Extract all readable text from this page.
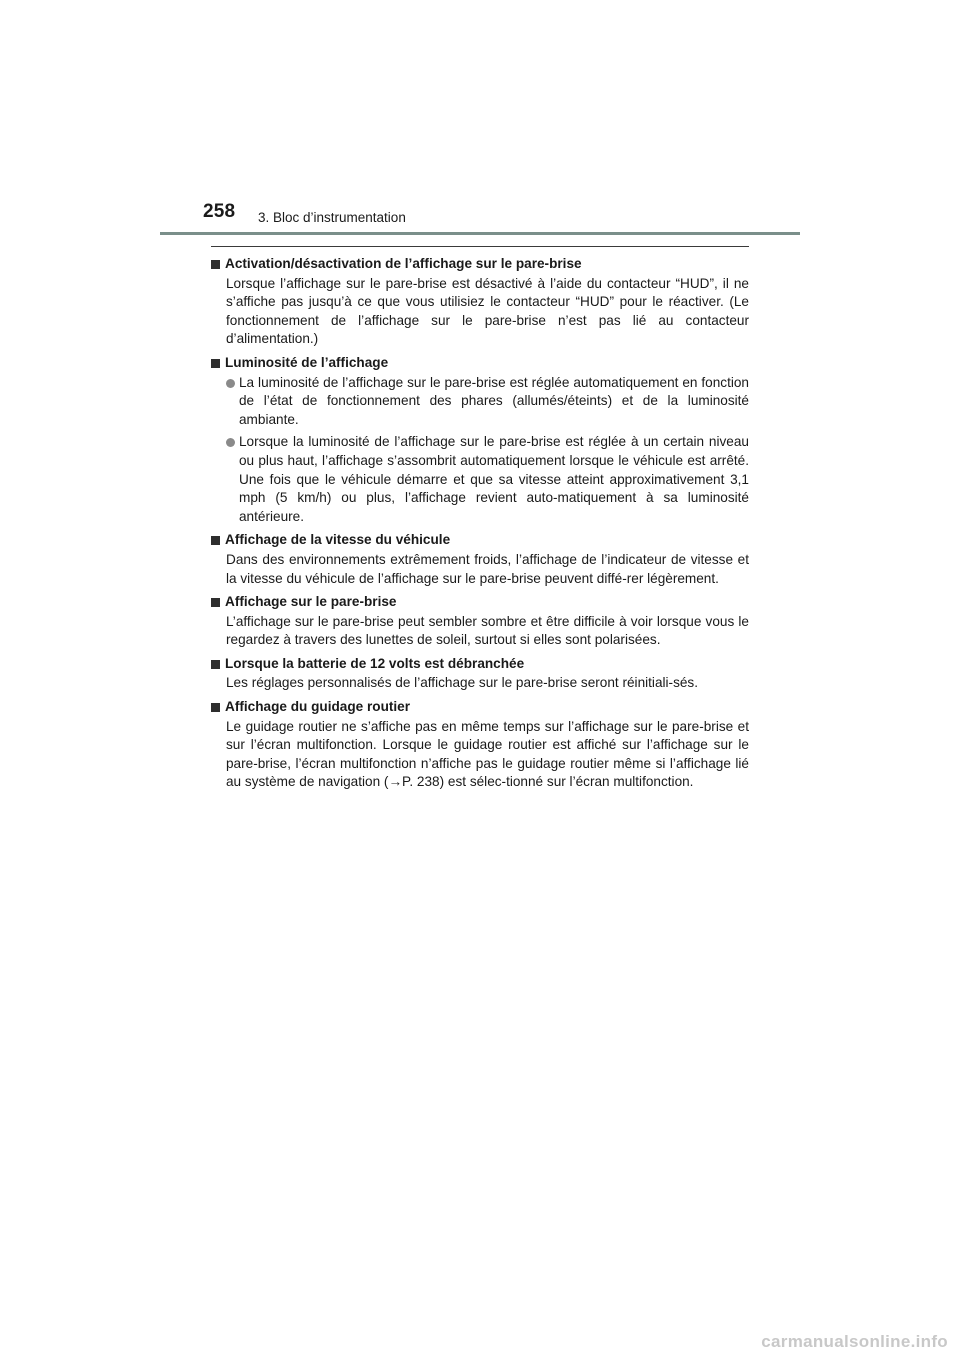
258 3. Bloc d’instrumentation
Activation/désactivation de l’affichage sur le pare-brise

Lorsque l’affichage sur le pare-brise est désactivé à l’aide du contacteur “HUD”, il ne s’affiche pas jusqu’à ce que vous utilisiez le contacteur “HUD” pour le réactiver. (Le fonctionnement de l’affichage sur le pare-brise n’est pas lié au contacteur d’alimentation.)

Luminosité de l’affichage
La luminosité de l’affichage sur le pare-brise est réglée automatiquement en fonction de l’état de fonctionnement des phares (allumés/éteints) et de la luminosité ambiante.
Lorsque la luminosité de l’affichage sur le pare-brise est réglée à un certain niveau ou plus haut, l’affichage s’assombrit automatiquement lorsque le véhicule est arrêté. Une fois que le véhicule démarre et que sa vitesse atteint approximativement 3,1 mph (5 km/h) ou plus, l’affichage revient auto-matiquement à sa luminosité antérieure.
Affichage de la vitesse du véhicule

Dans des environnements extrêmement froids, l’affichage de l’indicateur de vitesse et la vitesse du véhicule de l’affichage sur le pare-brise peuvent diffé-rer légèrement.

Affichage sur le pare-brise

L’affichage sur le pare-brise peut sembler sombre et être difficile à voir lorsque vous le regardez à travers des lunettes de soleil, surtout si elles sont polarisées.

Lorsque la batterie de 12 volts est débranchée

Les réglages personnalisés de l’affichage sur le pare-brise seront réinitiali-sés.

Affichage du guidage routier

Le guidage routier ne s’affiche pas en même temps sur l’affichage sur le pare-brise et sur l’écran multifonction. Lorsque le guidage routier est affiché sur l’affichage sur le pare-brise, l’écran multifonction n’affiche pas le guidage routier même si l’affichage lié au système de navigation (→P. 238) est sélec-tionné sur l’écran multifonction.

carmanualsonline.info
